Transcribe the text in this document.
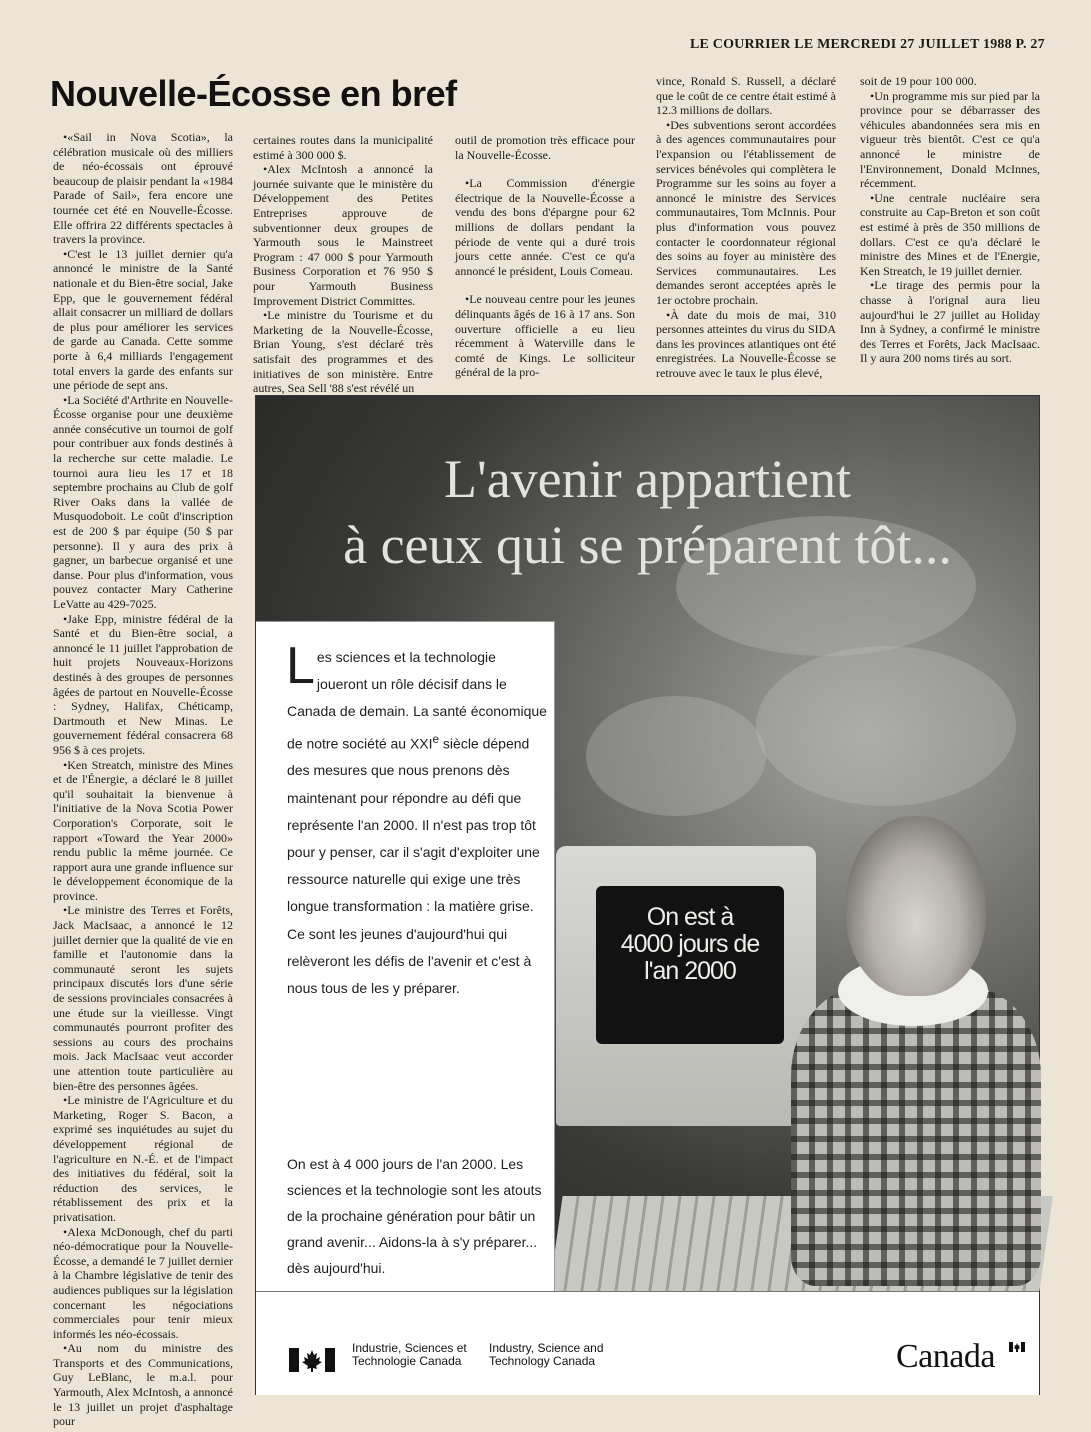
LE COURRIER LE MERCREDI 27 JUILLET 1988 P. 27
Nouvelle-Écosse en bref

•«Sail in Nova Scotia», la célébration musicale où des milliers de néo-écossais ont éprouvé beaucoup de plaisir pendant la «1984 Parade of Sail», fera encore une tournée cet été en Nouvelle-Écosse. Elle offrira 22 différents spectacles à travers la province.

•C'est le 13 juillet dernier qu'a annoncé le ministre de la Santé nationale et du Bien-être social, Jake Epp, que le gouvernement fédéral allait consacrer un milliard de dollars de plus pour améliorer les services de garde au Canada. Cette somme porte à 6,4 milliards l'engagement total envers la garde des enfants sur une période de sept ans.

•La Société d'Arthrite en Nouvelle-Écosse organise pour une deuxième année consécutive un tournoi de golf pour contribuer aux fonds destinés à la recherche sur cette maladie. Le tournoi aura lieu les 17 et 18 septembre prochains au Club de golf River Oaks dans la vallée de Musquodoboit. Le coût d'inscription est de 200 $ par équipe (50 $ par personne). Il y aura des prix à gagner, un barbecue organisé et une danse. Pour plus d'information, vous pouvez contacter Mary Catherine LeVatte au 429-7025.

•Jake Epp, ministre fédéral de la Santé et du Bien-être social, a annoncé le 11 juillet l'approbation de huit projets Nouveaux-Horizons destinés à des groupes de personnes âgées de partout en Nouvelle-Écosse : Sydney, Halifax, Chéticamp, Dartmouth et New Minas. Le gouvernement fédéral consacrera 68 956 $ à ces projets.

•Ken Streatch, ministre des Mines et de l'Énergie, a déclaré le 8 juillet qu'il souhaitait la bienvenue à l'initiative de la Nova Scotia Power Corporation's Corporate, soit le rapport «Toward the Year 2000» rendu public la même journée. Ce rapport aura une grande influence sur le développement économique de la province.

•Le ministre des Terres et Forêts, Jack MacIsaac, a annoncé le 12 juillet dernier que la qualité de vie en famille et l'autonomie dans la communauté seront les sujets principaux discutés lors d'une série de sessions provinciales consacrées à une étude sur la vieillesse. Vingt communautés pourront profiter des sessions au cours des prochains mois. Jack MacIsaac veut accorder une attention toute particulière au bien-être des personnes âgées.

•Le ministre de l'Agriculture et du Marketing, Roger S. Bacon, a exprimé ses inquiétudes au sujet du développement régional de l'agriculture en N.-É. et de l'impact des initiatives du fédéral, soit la réduction des services, le rétablissement des prix et la privatisation.

•Alexa McDonough, chef du parti néo-démocratique pour la Nouvelle-Écosse, a demandé le 7 juillet dernier à la Chambre législative de tenir des audiences publiques sur la législation concernant les négociations commerciales pour tenir mieux informés les néo-écossais.

•Au nom du ministre des Transports et des Communications, Guy LeBlanc, le m.a.l. pour Yarmouth, Alex McIntosh, a annoncé le 13 juillet un projet d'asphaltage pour

certaines routes dans la municipalité estimé à 300 000 $.

•Alex McIntosh a annoncé la journée suivante que le ministère du Développement des Petites Entreprises approuve de subventionner deux groupes de Yarmouth sous le Mainstreet Program : 47 000 $ pour Yarmouth Business Corporation et 76 950 $ pour Yarmouth Business Improvement District Committes.

•Le ministre du Tourisme et du Marketing de la Nouvelle-Écosse, Brian Young, s'est déclaré très satisfait des programmes et des initiatives de son ministère. Entre autres, Sea Sell '88 s'est révélé un

outil de promotion très efficace pour la Nouvelle-Écosse.

•La Commission d'énergie électrique de la Nouvelle-Écosse a vendu des bons d'épargne pour 62 millions de dollars pendant la période de vente qui a duré trois jours cette année. C'est ce qu'a annoncé le président, Louis Comeau.

•Le nouveau centre pour les jeunes délinquants âgés de 16 à 17 ans. Son ouverture officielle a eu lieu récemment à Waterville dans le comté de Kings. Le solliciteur général de la pro-

vince, Ronald S. Russell, a déclaré que le coût de ce centre était estimé à 12.3 millions de dollars.

•Des subventions seront accordées à des agences communautaires pour l'expansion ou l'établissement de services bénévoles qui complètera le Programme sur les soins au foyer a annoncé le ministre des Services communautaires, Tom McInnis. Pour plus d'information vous pouvez contacter le coordonnateur régional des soins au foyer au ministère des Services communautaires. Les demandes seront acceptées après le 1er octobre prochain.

•À date du mois de mai, 310 personnes atteintes du virus du SIDA dans les provinces atlantiques ont été enregistrées. La Nouvelle-Écosse se retrouve avec le taux le plus élevé,

soit de 19 pour 100 000.

•Un programme mis sur pied par la province pour se débarrasser des véhicules abandonnées sera mis en vigueur très bientôt. C'est ce qu'a annoncé le ministre de l'Environnement, Donald McInnes, récemment.

•Une centrale nucléaire sera construite au Cap-Breton et son coût est estimé à près de 350 millions de dollars. C'est ce qu'a déclaré le ministre des Mines et de l'Energie, Ken Streatch, le 19 juillet dernier.

•Le tirage des permis pour la chasse à l'orignal aura lieu aujourd'hui le 27 juillet au Holiday Inn à Sydney, a confirmé le ministre des Terres et Forêts, Jack MacIsaac. Il y aura 200 noms tirés au sort.

L'avenir appartient
à ceux qui se préparent tôt...
On est à
4000 jours de
l'an 2000
Les sciences et la technologie joueront un rôle décisif dans le Canada de demain. La santé économique de notre société au XXIe siècle dépend des mesures que nous prenons dès maintenant pour répondre au défi que représente l'an 2000. Il n'est pas trop tôt pour y penser, car il s'agit d'exploiter une ressource naturelle qui exige une très longue transformation : la matière grise. Ce sont les jeunes d'aujourd'hui qui relèveront les défis de l'avenir et c'est à nous tous de les y préparer.
On est à 4 000 jours de l'an 2000. Les sciences et la technologie sont les atouts de la prochaine génération pour bâtir un grand avenir... Aidons-la à s'y préparer... dès aujourd'hui.
Industrie, Sciences et
Technologie Canada
Industry, Science and
Technology Canada	Canada
